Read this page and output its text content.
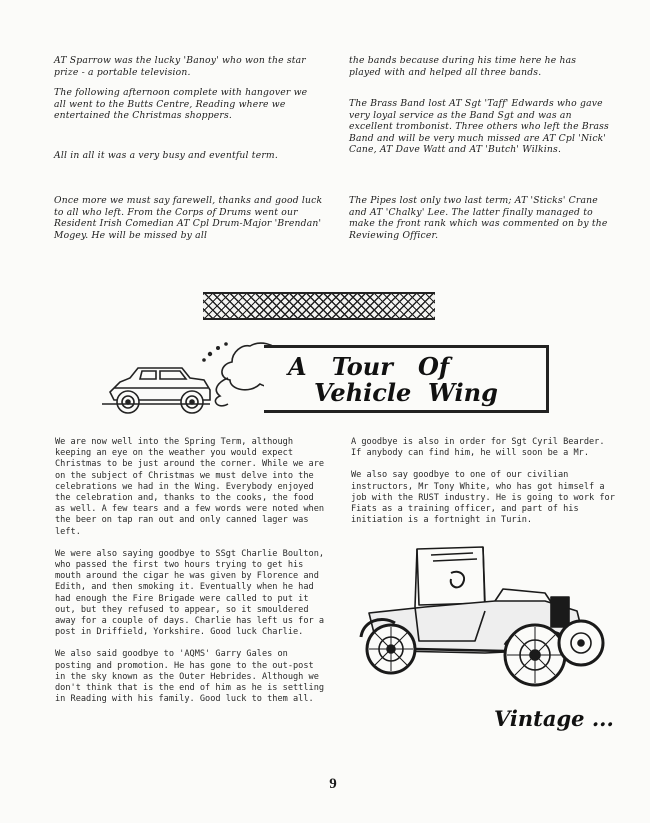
AT Sparrow was the lucky 'Banoy' who won the star prize - a portable television.

The following afternoon complete with hangover we all went to the Butts Centre, Reading where we entertained the Christmas shoppers.

All in all it was a very busy and eventful term.

Once more we must say farewell, thanks and good luck to all who left. From the Corps of Drums went our Resident Irish Comedian AT Cpl Drum-Major 'Brendan' Mogey. He will be missed by all

the bands because during his time here he has played with and helped all three bands.

The Brass Band lost AT Sgt 'Taff' Edwards who gave very loyal service as the Band Sgt and was an excellent trombonist. Three others who left the Brass Band and will be very much missed are AT Cpl 'Nick' Cane, AT Dave Watt and AT 'Butch' Wilkins.

The Pipes lost only two last term; AT 'Sticks' Crane and AT 'Chalky' Lee. The latter finally managed to make the front rank which was commented on by the Reviewing Officer.

A   Tour   Of
Vehicle  Wing

We are now well into the Spring Term, although keeping an eye on the weather you would expect Christmas to be just around the corner. While we are on the subject of Christmas we must delve into the celebrations we had in the Wing. Everybody enjoyed the celebration and, thanks to the cooks, the food as well. A few tears and a few words were noted when the beer on tap ran out and only canned lager was left.

We were also saying goodbye to SSgt Charlie Boulton, who passed the first two hours trying to get his mouth around the cigar he was given by Florence and Edith, and then smoking it. Eventually when he had had enough the Fire Brigade were called to put it out, but they refused to appear, so it smouldered away for a couple of days. Charlie has left us for a post in Driffield, Yorkshire. Good luck Charlie.

We also said goodbye to 'AQMS' Garry Gales on posting and promotion. He has gone to the out-post in the sky known as the Outer Hebrides. Although we don't think that is the end of him as he is settling in Reading with his family. Good luck to them all.

A goodbye is also in order for Sgt Cyril Bearder. If anybody can find him, he will soon be a Mr.

We also say goodbye to one of our civilian instructors, Mr Tony White, who has got himself a job with the RUST industry. He is going to work for Fiats as a training officer, and part of his initiation is a fortnight in Turin.

Vintage ...
9
